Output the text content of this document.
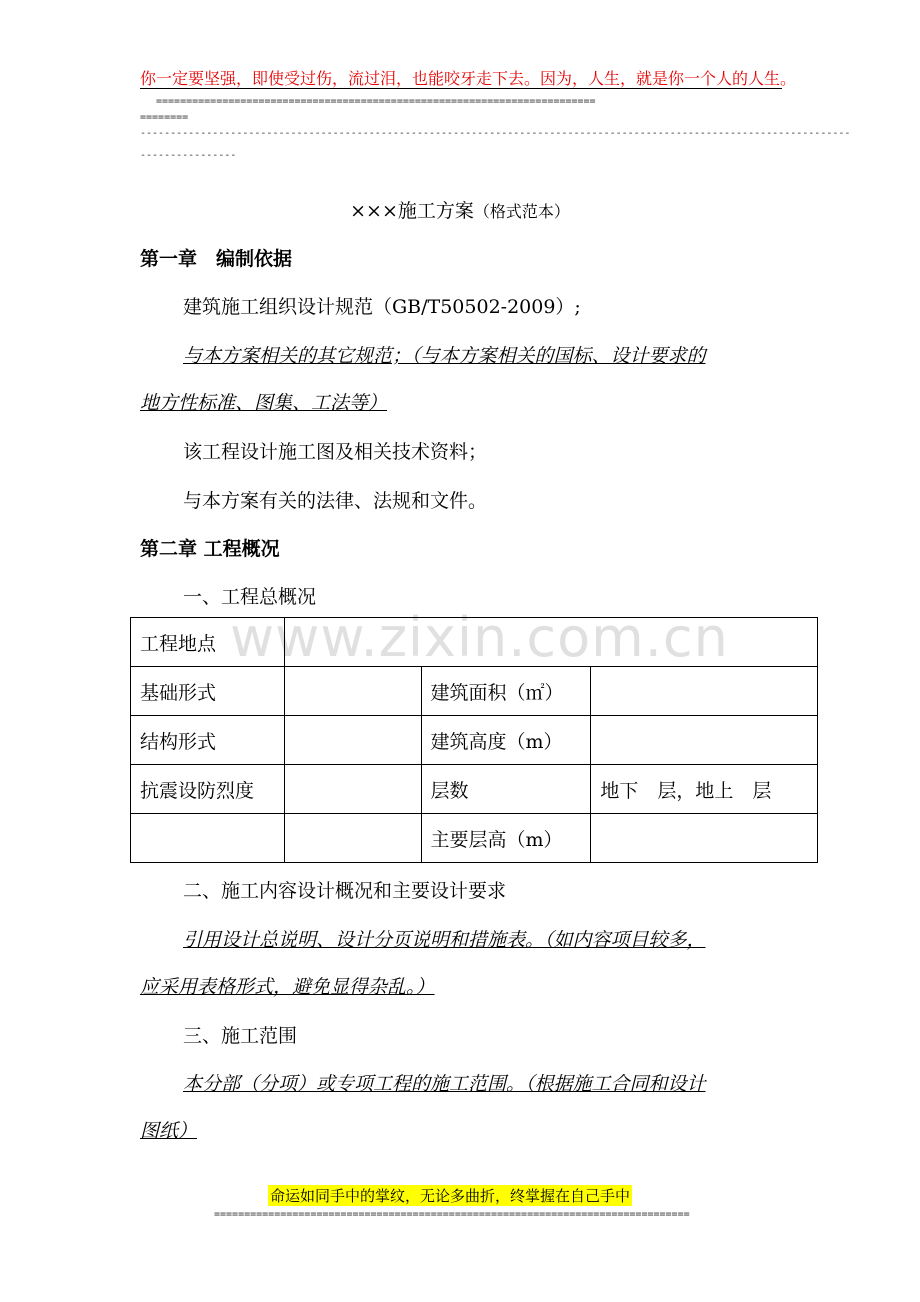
你一定要坚强，即使受过伤，流过泪，也能咬牙走下去。因为，人生，就是你一个人的人生。
=========================================================================
========
----------------------------------------------------------------------------------------------------------------------
----------------
×××施工方案（格式范本）
第一章　编制依据
建筑施工组织设计规范（GB/T50502-2009）;
与本方案相关的其它规范；（与本方案相关的国标、设计要求的
地方性标准、图集、工法等）
该工程设计施工图及相关技术资料；
与本方案有关的法律、法规和文件。
第二章 工程概况
一、工程总概况
www.zixin.com.cn
工程地点			
基础形式		建筑面积（㎡）	
结构形式		建筑高度（m）	
抗震设防烈度		层数	地下　层，地上　层
		主要层高（m）	
二、施工内容设计概况和主要设计要求
引用设计总说明、设计分页说明和措施表。（如内容项目较多，
应采用表格形式，避免显得杂乱。）
三、施工范围
本分部（分项）或专项工程的施工范围。（根据施工合同和设计
图纸）
命运如同手中的掌纹，无论多曲折，终掌握在自己手中
===============================================================================
